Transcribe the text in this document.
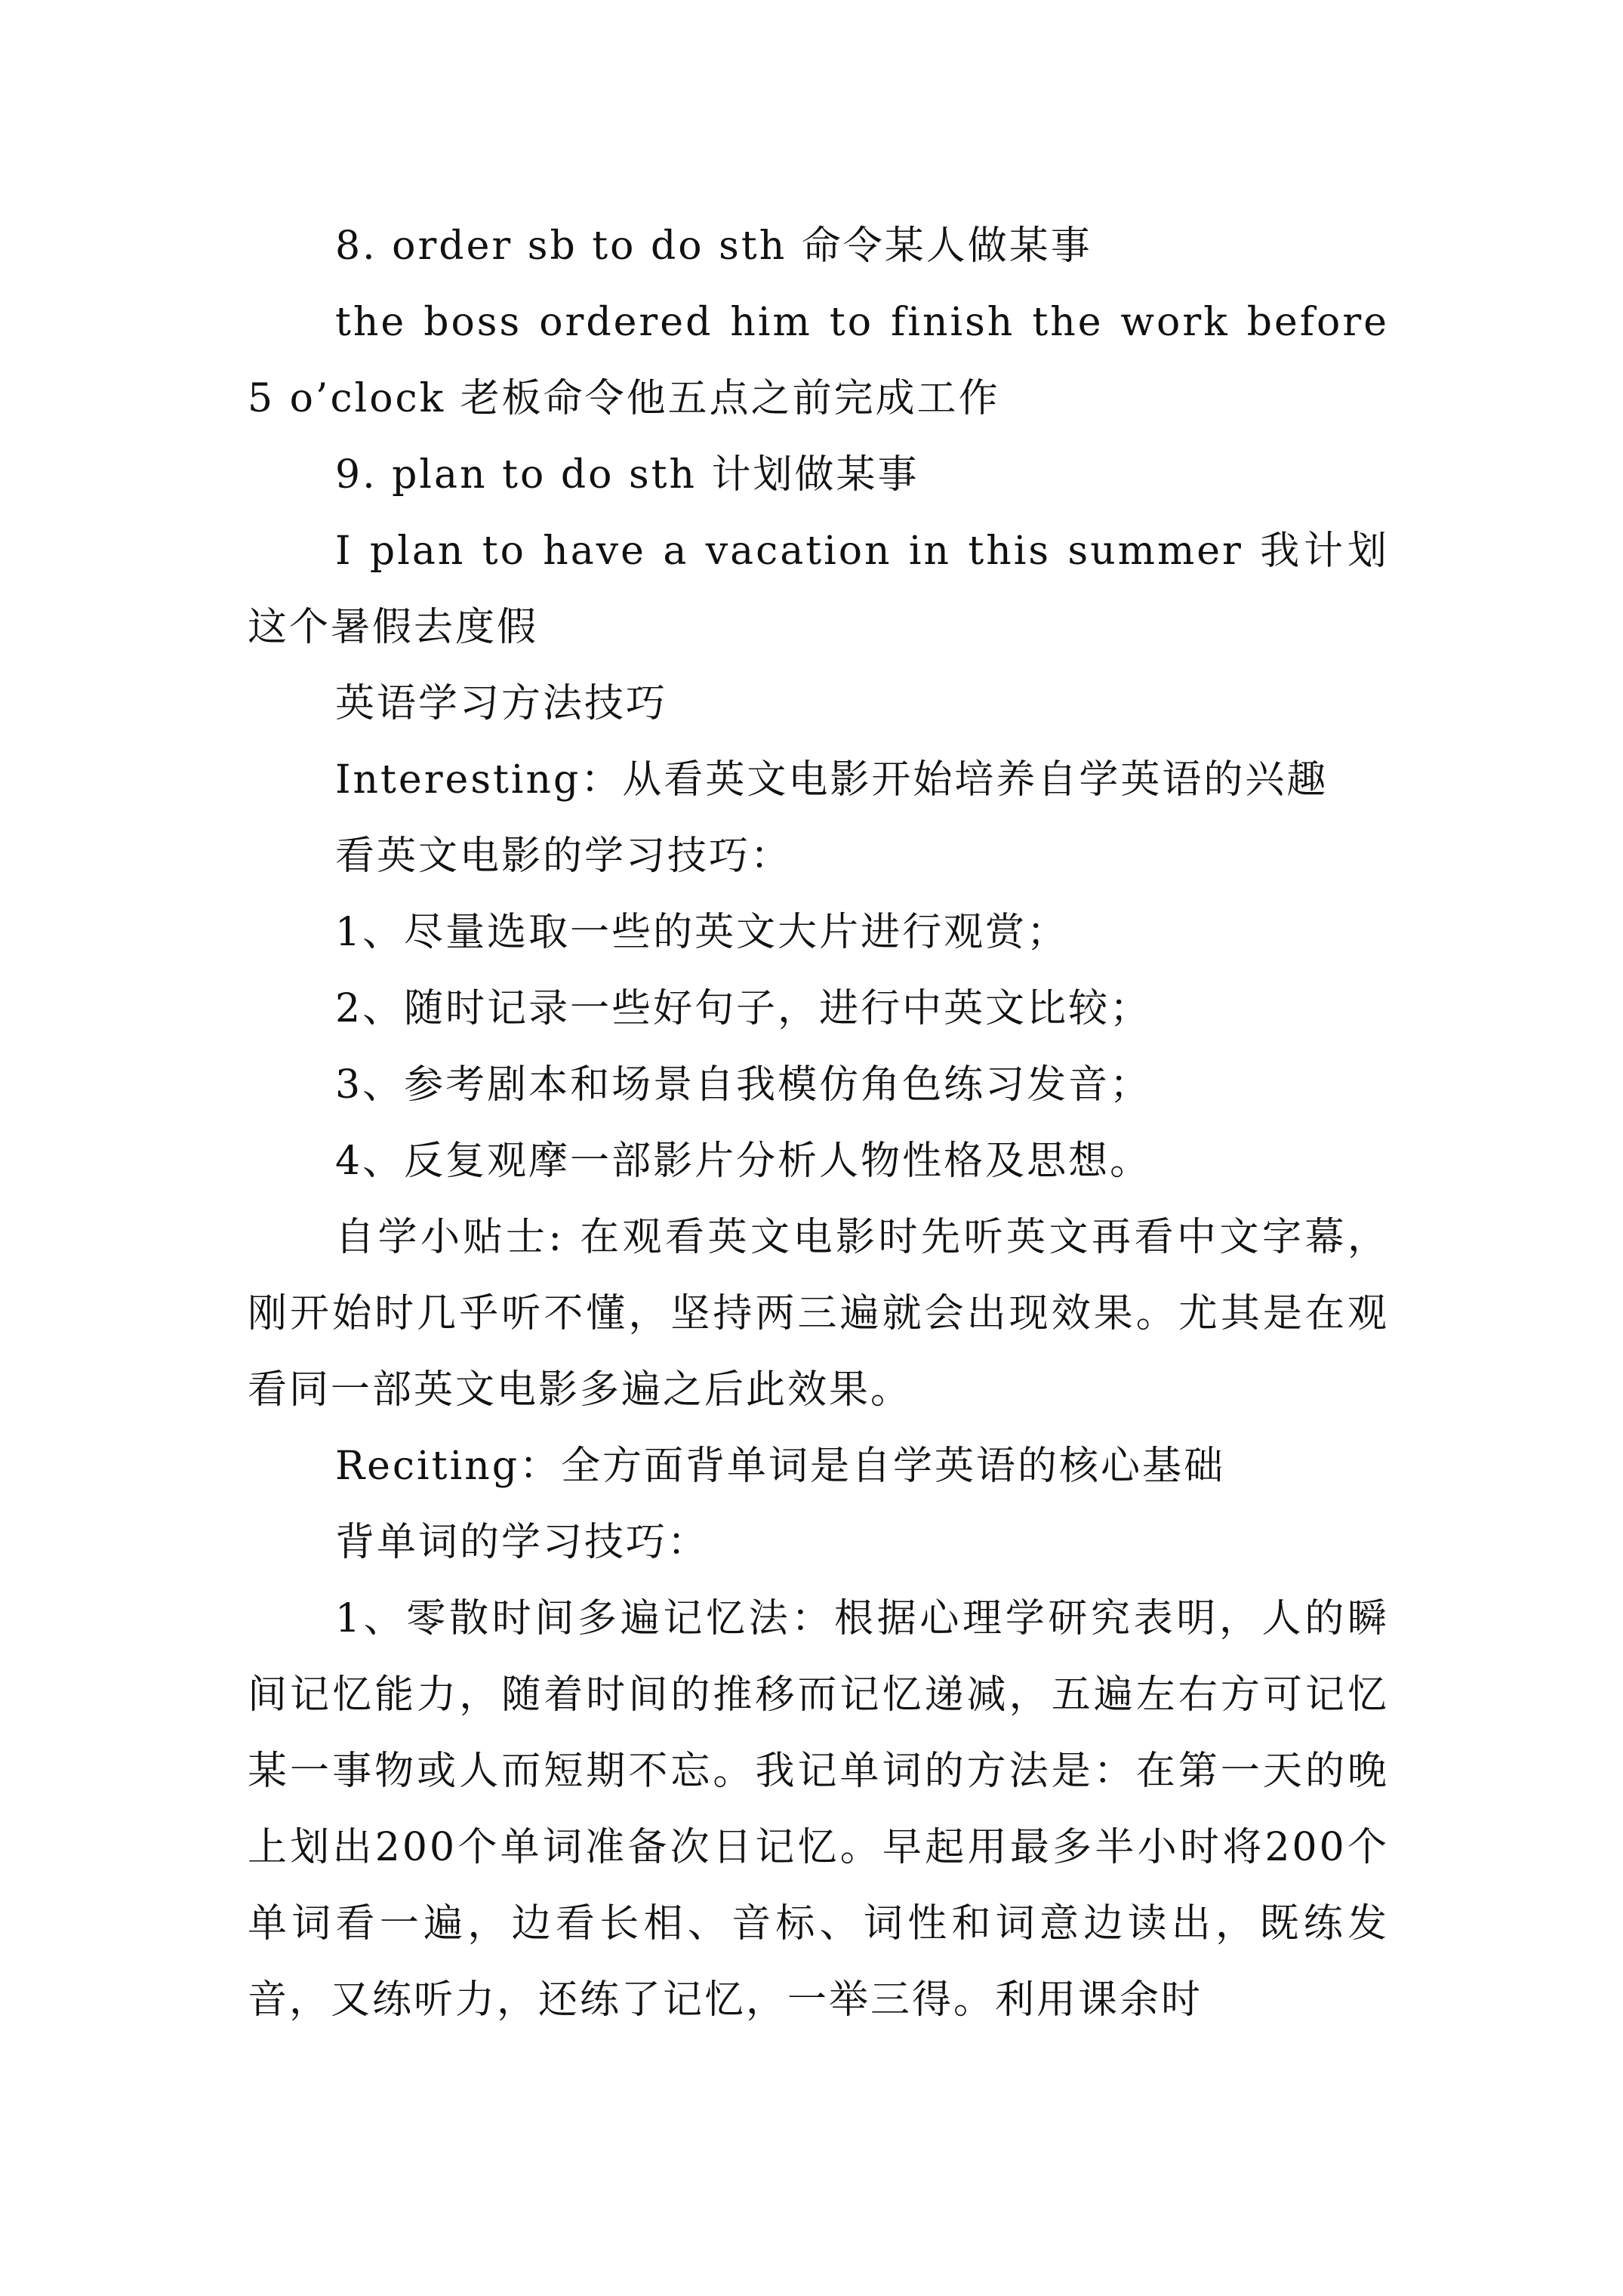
8. order sb to do sth 命令某人做某事

the boss ordered him to finish the work before 5 o’clock 老板命令他五点之前完成工作

9. plan to do sth 计划做某事

I plan to have a vacation in this summer 我计划这个暑假去度假

英语学习方法技巧

Interesting：从看英文电影开始培养自学英语的兴趣

看英文电影的学习技巧：

1、尽量选取一些的英文大片进行观赏；

2、随时记录一些好句子，进行中英文比较；

3、参考剧本和场景自我模仿角色练习发音；

4、反复观摩一部影片分析人物性格及思想。

自学小贴士: 在观看英文电影时先听英文再看中文字幕，刚开始时几乎听不懂，坚持两三遍就会出现效果。尤其是在观看同一部英文电影多遍之后此效果。

Reciting：全方面背单词是自学英语的核心基础

背单词的学习技巧：

1、零散时间多遍记忆法：根据心理学研究表明，人的瞬间记忆能力，随着时间的推移而记忆递减，五遍左右方可记忆某一事物或人而短期不忘。我记单词的方法是：在第一天的晚上划出200个单词准备次日记忆。早起用最多半小时将200个单词看一遍，边看长相、音标、词性和词意边读出，既练发音，又练听力，还练了记忆，一举三得。利用课余时
